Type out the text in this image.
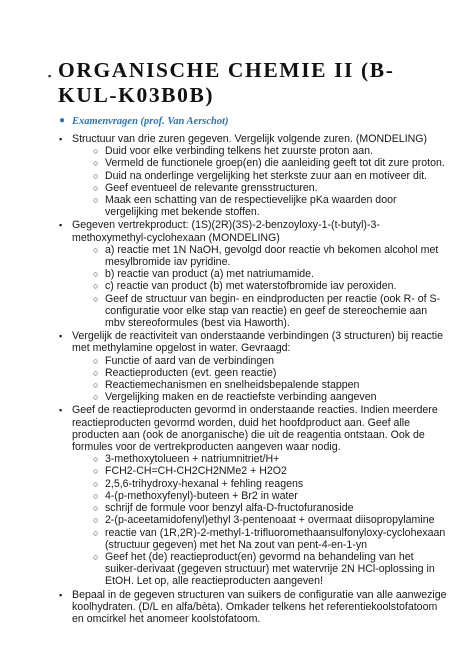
▪ ORGANISCHE CHEMIE II (B-KUL-K03B0B)
● Examenvragen (prof. Van Aerschot)
▪ Structuur van drie zuren gegeven. Vergelijk volgende zuren. (MONDELING)
○ Duid voor elke verbinding telkens het zuurste proton aan.
○ Vermeld de functionele groep(en) die aanleiding geeft tot dit zure proton.
○ Duid na onderlinge vergelijking het sterkste zuur aan en motiveer dit.
○ Geef eventueel de relevante grensstructuren.
○ Maak een schatting van de respectievelijke pKa waarden door vergelijking met bekende stoffen.
▪ Gegeven vertrekproduct: (1S)(2R)(3S)-2-benzoyloxy-1-(t-butyl)-3-methoxymethyl-cyclohexaan (MONDELING)
○ a) reactie met 1N NaOH, gevolgd door reactie vh bekomen alcohol met mesylbromide iav pyridine.
○ b) reactie van product (a) met natriumamide.
○ c) reactie van product (b) met waterstofbromide iav peroxiden.
○ Geef de structuur van begin- en eindproducten per reactie (ook R- of S-configuratie voor elke stap van reactie) en geef de stereochemie aan mbv stereoformules (best via Haworth).
▪ Vergelijk de reactiviteit van onderstaande verbindingen (3 structuren) bij reactie met methylamine opgelost in water. Gevraagd:
○ Functie of aard van de verbindingen
○ Reactieproducten (evt. geen reactie)
○ Reactiemechanismen en snelheidsbepalende stappen
○ Vergelijking maken en de reactiefste verbinding aangeven
▪ Geef de reactieproducten gevormd in onderstaande reacties. Indien meerdere reactieproducten gevormd worden, duid het hoofdproduct aan. Geef alle producten aan (ook de anorganische) die uit de reagentia ontstaan. Ook de formules voor de vertrekproducten aangeven waar nodig.
○ 3-methoxytolueen + natriumnitriet/H+
○ FCH2-CH=CH-CH2CH2NMe2 + H2O2
○ 2,5,6-trihydroxy-hexanal + fehling reagens
○ 4-(p-methoxyfenyl)-buteen + Br2 in water
○ schrijf de formule voor benzyl alfa-D-fructofuranoside
○ 2-(p-aceetamidofenyl)ethyl 3-pentenoaat + overmaat diisopropylamine
○ reactie van (1R,2R)-2-methyl-1-trifluoromethaansulfonyloxy-cyclohexaan (structuur gegeven) met het Na zout van pent-4-en-1-yn
○ Geef het (de) reactieproduct(en) gevormd na behandeling van het suiker-derivaat (gegeven structuur) met watervrije 2N HCl-oplossing in EtOH. Let op, alle reactieproducten aangeven!
▪ Bepaal in de gegeven structuren van suikers de configuratie van alle aanwezige koolhydraten. (D/L en alfa/bèta). Omkader telkens het referentiekoolstofatoom en omcirkel het anomeer koolstofatoom.
